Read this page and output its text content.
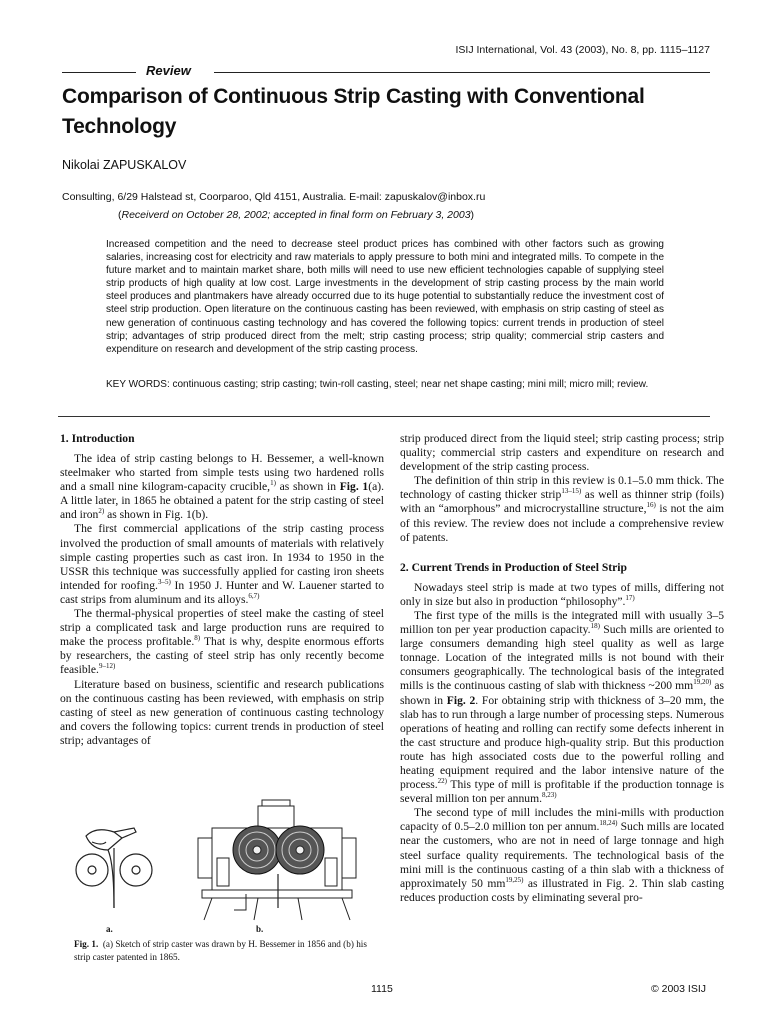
ISIJ International, Vol. 43 (2003), No. 8, pp. 1115–1127
Review
Comparison of Continuous Strip Casting with Conventional Technology
Nikolai ZAPUSKALOV
Consulting, 6/29 Halstead st, Coorparoo, Qld 4151, Australia. E-mail: zapuskalov@inbox.ru
(Receiverd on October 28, 2002; accepted in final form on February 3, 2003)
Increased competition and the need to decrease steel product prices has combined with other factors such as growing salaries, increasing cost for electricity and raw materials to apply pressure to both mini and integrated mills. To compete in the future market and to maintain market share, both mills will need to use new efficient technologies capable of supplying steel strip products of high quality at low cost. Large investments in the development of strip casting process by the main world steel produces and plantmakers have already occurred due to its huge potential to substantially reduce the investment cost of steel strip production. Open literature on the continuous casting has been reviewed, with emphasis on strip casting of steel as new generation of continuous casting technology and has covered the following topics: current trends in production of steel strip; advantages of strip produced direct from the melt; strip casting process; strip quality; commercial strip casters and expenditure on research and development of the strip casting process.
KEY WORDS: continuous casting; strip casting; twin-roll casting, steel; near net shape casting; mini mill; micro mill; review.
1. Introduction

The idea of strip casting belongs to H. Bessemer, a well-known steelmaker who started from simple tests using two hardened rolls and a small nine kilogram-capacity crucible,$^{1)}$ as shown in Fig. 1(a). A little later, in 1865 he obtained a patent for the strip casting of steel and iron$^{2)}$ as shown in Fig. 1(b).

The first commercial applications of the strip casting process involved the production of small amounts of materials with relatively simple casting properties such as cast iron. In 1934 to 1950 in the USSR this technique was successfully applied for casting iron sheets intended for roofing.$^{3-5)}$ In 1950 J. Hunter and W. Lauener started to cast strips from aluminum and its alloys.$^{6,7)}$

The thermal-physical properties of steel make the casting of steel strip a complicated task and large production runs are required to make the process profitable.$^{8)}$ That is why, despite enormous efforts by researchers, the casting of steel strip has only recently become feasible.$^{9-12)}$

Literature based on business, scientific and research publications on the continuous casting has been reviewed, with emphasis on strip casting of steel as new generation of continuous casting technology and covers the following topics: current trends in production of steel strip; advantages of

a.	b.
Fig. 1. (a) Sketch of strip caster was drawn by H. Bessemer in 1856 and (b) his strip caster patented in 1865.

strip produced direct from the liquid steel; strip casting process; strip quality; commercial strip casters and expenditure on research and development of the strip casting process.

The definition of thin strip in this review is 0.1–5.0 mm thick. The technology of casting thicker strip$^{13-15)}$ as well as thinner strip (foils) with an “amorphous” and microcrystalline structure,$^{16)}$ is not the aim of this review. The review does not include a comprehensive review of patents.

2. Current Trends in Production of Steel Strip

Nowadays steel strip is made at two types of mills, differing not only in size but also in production “philosophy”.$^{17)}$

The first type of the mills is the integrated mill with usually 3–5 million ton per year production capacity.$^{18)}$ Such mills are oriented to large consumers demanding high steel quality as well as large tonnage. Location of the integrated mills is not bound with their consumers geographically. The technological basis of the integrated mills is the continuous casting of slab with thickness ~200 mm$^{19,20)}$ as shown in Fig. 2. For obtaining strip with thickness of 3–20 mm, the slab has to run through a large number of processing steps. Numerous operations of heating and rolling can rectify some defects inherent in the cast structure and produce high-quality strip. But this production route has high associated costs due to the powerful rolling and heating equipment required and the labor intensive nature of the process.$^{22)}$ This type of mill is profitable if the production tonnage is several million ton per annum.$^{8,23)}$

The second type of mill includes the mini-mills with production capacity of 0.5–2.0 million ton per annum.$^{18,24)}$ Such mills are located near the customers, who are not in need of large tonnage and high steel surface quality requirements. The technological basis of the mini mill is the continuous casting of a thin slab with a thickness of approximately 50 mm$^{19,25)}$ as illustrated in Fig. 2. Thin slab casting reduces production costs by eliminating several pro-

1115	© 2003 ISIJ
